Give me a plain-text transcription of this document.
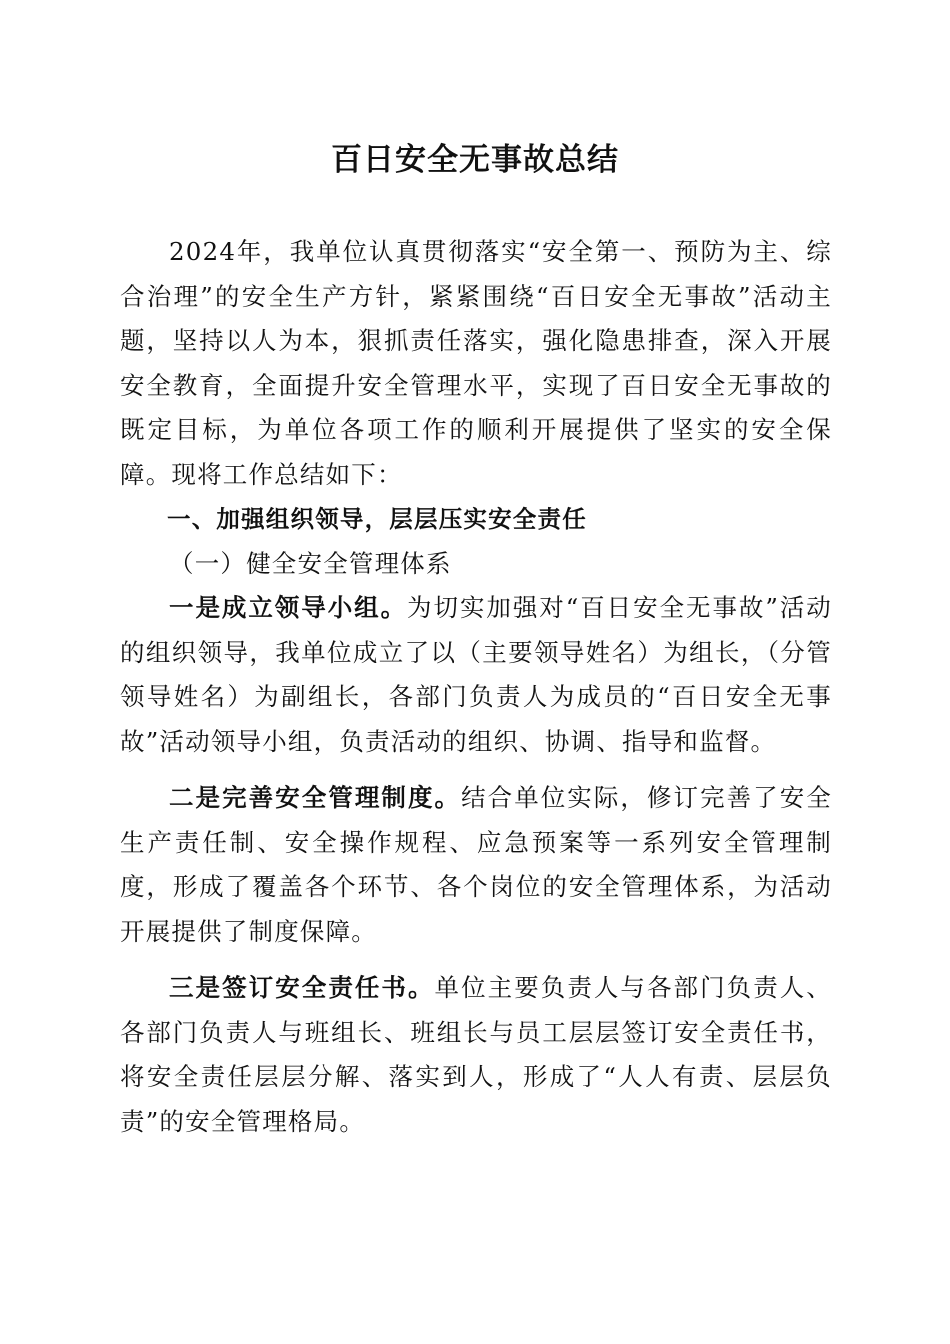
百日安全无事故总结

2024年，我单位认真贯彻落实“安全第一、预防为主、综合治理”的安全生产方针，紧紧围绕“百日安全无事故”活动主题，坚持以人为本，狠抓责任落实，强化隐患排查，深入开展安全教育，全面提升安全管理水平，实现了百日安全无事故的既定目标，为单位各项工作的顺利开展提供了坚实的安全保障。现将工作总结如下：

一、加强组织领导，层层压实安全责任

（一）健全安全管理体系

一是成立领导小组。为切实加强对“百日安全无事故”活动的组织领导，我单位成立了以（主要领导姓名）为组长，（分管领导姓名）为副组长，各部门负责人为成员的“百日安全无事故”活动领导小组，负责活动的组织、协调、指导和监督。

二是完善安全管理制度。结合单位实际，修订完善了安全生产责任制、安全操作规程、应急预案等一系列安全管理制度，形成了覆盖各个环节、各个岗位的安全管理体系，为活动开展提供了制度保障。

三是签订安全责任书。单位主要负责人与各部门负责人、各部门负责人与班组长、班组长与员工层层签订安全责任书，将安全责任层层分解、落实到人，形成了“人人有责、层层负责”的安全管理格局。
